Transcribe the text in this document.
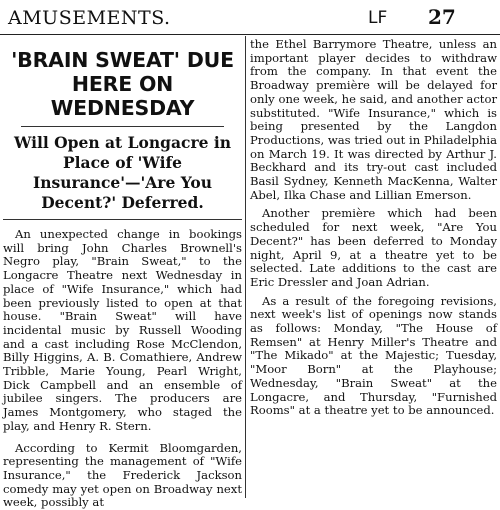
AMUSEMENTS.	LF 27
'BRAIN SWEAT' DUE HERE ON WEDNESDAY
Will Open at Longacre in Place of 'Wife Insurance'—'Are You Decent?' Deferred.

An unexpected change in bookings will bring John Charles Brownell's Negro play, "Brain Sweat," to the Longacre Theatre next Wednesday in place of "Wife Insurance," which had been previously listed to open at that house. "Brain Sweat" will have incidental music by Russell Wooding and a cast including Rose McClendon, Billy Higgins, A. B. Comathiere, Andrew Tribble, Marie Young, Pearl Wright, Dick Campbell and an ensemble of jubilee singers. The producers are James Montgomery, who staged the play, and Henry R. Stern.

According to Kermit Bloomgarden, representing the management of "Wife Insurance," the Frederick Jackson comedy may yet open on Broadway next week, possibly at

the Ethel Barrymore Theatre, unless an important player decides to withdraw from the company. In that event the Broadway première will be delayed for only one week, he said, and another actor substituted. "Wife Insurance," which is being presented by the Langdon Productions, was tried out in Philadelphia on March 19. It was directed by Arthur J. Beckhard and its try-out cast included Basil Sydney, Kenneth MacKenna, Walter Abel, Ilka Chase and Lillian Emerson.

Another première which had been scheduled for next week, "Are You Decent?" has been deferred to Monday night, April 9, at a theatre yet to be selected. Late additions to the cast are Eric Dressler and Joan Adrian.

As a result of the foregoing revisions, next week's list of openings now stands as follows: Monday, "The House of Remsen" at Henry Miller's Theatre and "The Mikado" at the Majestic; Tuesday, "Moor Born" at the Playhouse; Wednesday, "Brain Sweat" at the Longacre, and Thursday, "Furnished Rooms" at a theatre yet to be announced.
